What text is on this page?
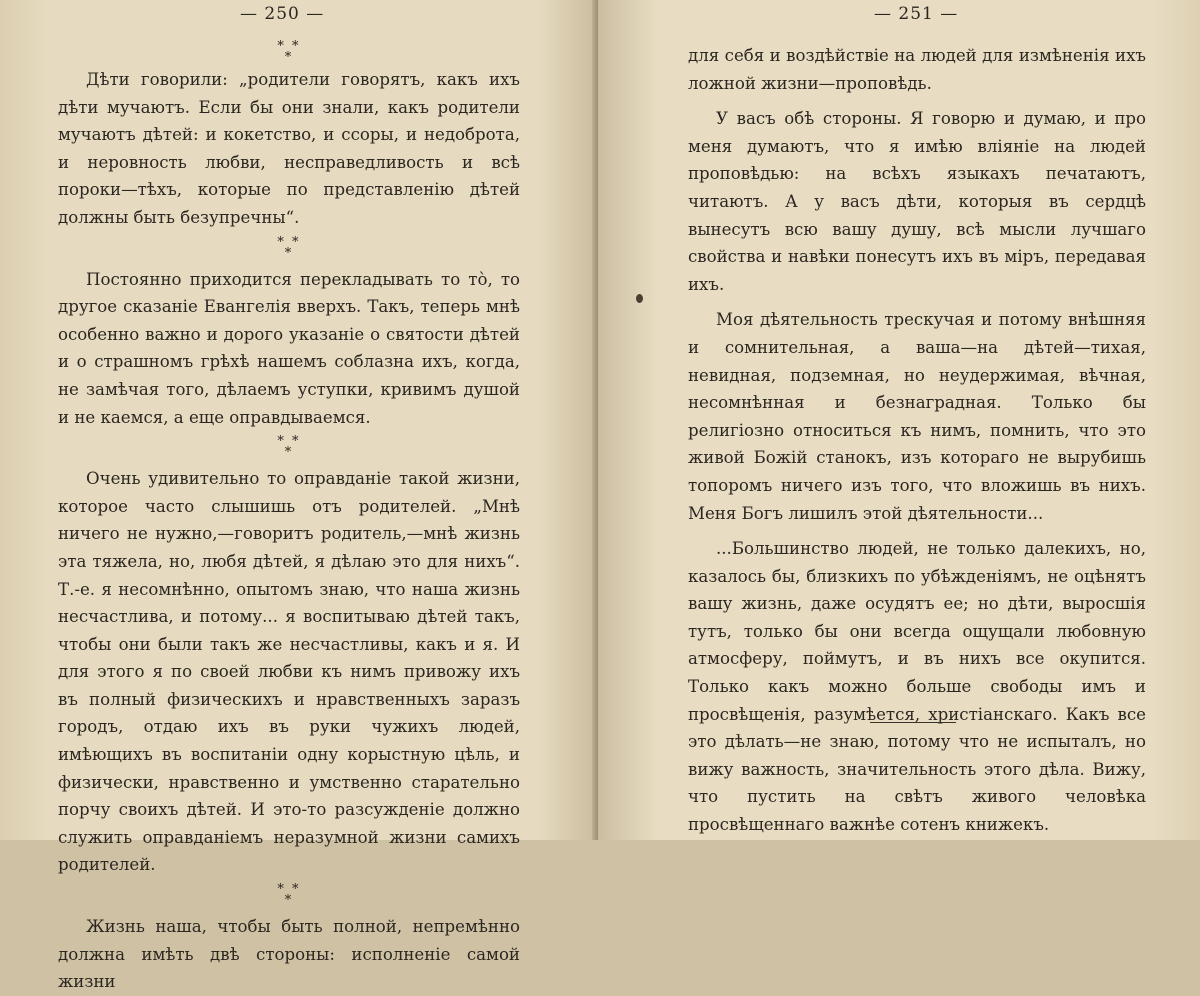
— 250 —
* *
*

Дѣти говорили: „родители говорятъ, какъ ихъ дѣти мучаютъ. Если бы они знали, какъ родители мучаютъ дѣтей: и кокетство, и ссоры, и недоброта, и неровность любви, несправедливость и всѣ пороки—тѣхъ, которые по представленію дѣтей должны быть безупречны“.

* *
*

Постоянно приходится перекладывать то то̀, то другое сказаніе Евангелія вверхъ. Такъ, теперь мнѣ особенно важно и дорого указаніе о святости дѣтей и о страшномъ грѣхѣ нашемъ соблазна ихъ, когда, не замѣчая того, дѣлаемъ уступки, кривимъ душой и не каемся, а еще оправдываемся.

* *
*

Очень удивительно то оправданіе такой жизни, которое часто слышишь отъ родителей. „Мнѣ ничего не нужно,—говоритъ родитель,—мнѣ жизнь эта тяжела, но, любя дѣтей, я дѣлаю это для нихъ“. Т.-е. я несомнѣнно, опытомъ знаю, что наша жизнь несчастлива, и потому... я воспитываю дѣтей такъ, чтобы они были такъ же несчастливы, какъ и я. И для этого я по своей любви къ нимъ привожу ихъ въ полный физическихъ и нравственныхъ заразъ городъ, отдаю ихъ въ руки чужихъ людей, имѣющихъ въ воспитаніи одну корыстную цѣль, и физически, нравственно и умственно старательно порчу своихъ дѣтей. И это-то разсужденіе должно служить оправданіемъ неразумной жизни самихъ родителей.

* *
*

Жизнь наша, чтобы быть полной, непремѣнно должна имѣть двѣ стороны: исполненіе самой жизни

— 251 —

для себя и воздѣйствіе на людей для измѣненія ихъ ложной жизни—проповѣдь.

У васъ обѣ стороны. Я говорю и думаю, и про меня думаютъ, что я имѣю вліяніе на людей проповѣдью: на всѣхъ языкахъ печатаютъ, читаютъ. А у васъ дѣти, которыя въ сердцѣ вынесутъ всю вашу душу, всѣ мысли лучшаго свойства и навѣки понесутъ ихъ въ міръ, передавая ихъ.

Моя дѣятельность трескучая и потому внѣшняя и сомнительная, а ваша—на дѣтей—тихая, невидная, подземная, но неудержимая, вѣчная, несомнѣнная и безнаградная. Только бы религіозно относиться къ нимъ, помнить, что это живой Божій станокъ, изъ котораго не вырубишь топоромъ ничего изъ того, что вложишь въ нихъ. Меня Богъ лишилъ этой дѣятельности...

...Большинство людей, не только далекихъ, но, казалось бы, близкихъ по убѣжденіямъ, не оцѣнятъ вашу жизнь, даже осудятъ ее; но дѣти, выросшія тутъ, только бы они всегда ощущали любовную атмосферу, поймутъ, и въ нихъ все окупится. Только какъ можно больше свободы имъ и просвѣщенія, разумѣется, христіанскаго. Какъ все это дѣлать—не знаю, потому что не испыталъ, но вижу важность, значительность этого дѣла. Вижу, что пустить на свѣтъ живого человѣка просвѣщеннаго важнѣе сотенъ книжекъ.
